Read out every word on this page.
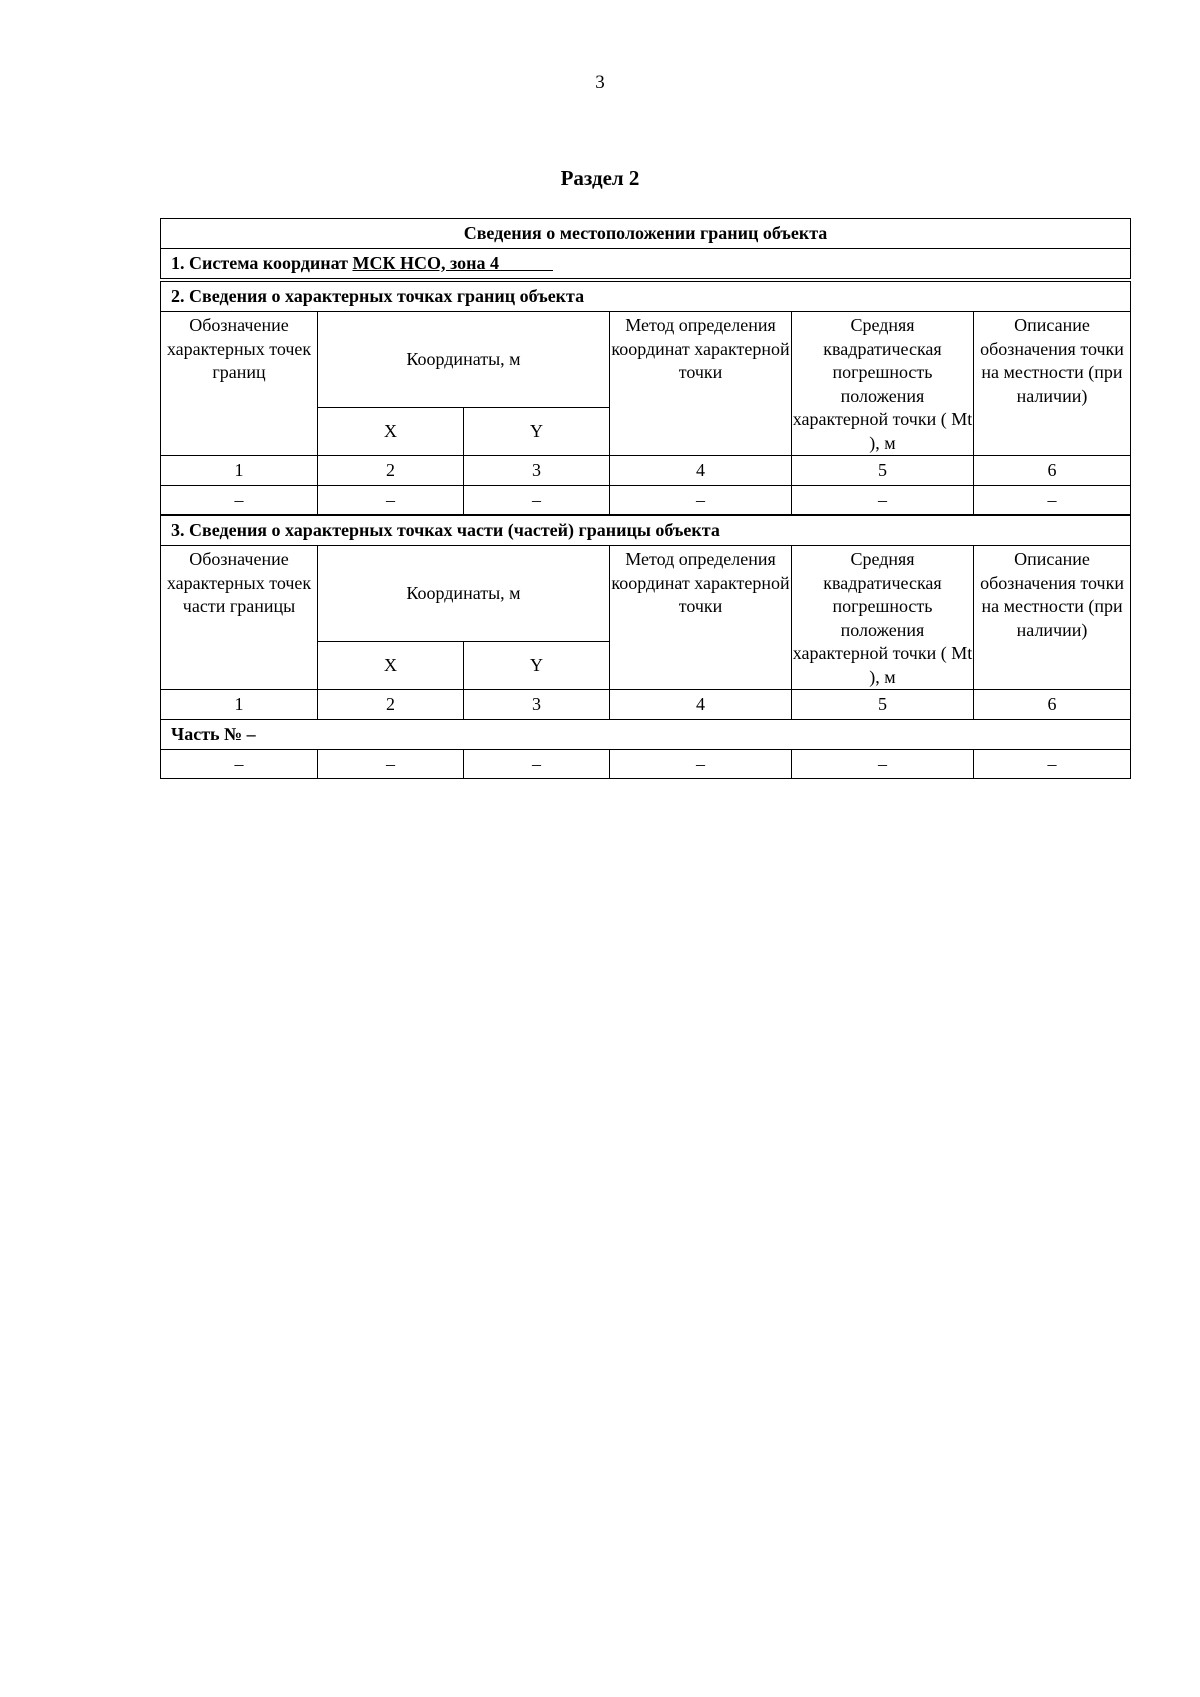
3
Раздел 2
Сведения о местоположении границ объекта
1. Система координат МСК НСО, зона 4
2. Сведения о характерных точках границ объекта					
Обозначение характерных точек границ	Координаты, м		Метод определения координат характерной точки	Средняя квадратическая погрешность положения характерной точки ( Mt ), м	Описание обозначения точки на местности (при наличии)
	X	Y			
1	2	3	4	5	6
–	–	–	–	–	–
3. Сведения о характерных точках части (частей) границы объекта					
Обозначение характерных точек части границы	Координаты, м		Метод определения координат характерной точки	Средняя квадратическая погрешность положения характерной точки ( Mt ), м	Описание обозначения точки на местности (при наличии)
	X	Y			
1	2	3	4	5	6
Часть № –					
–	–	–	–	–	–
